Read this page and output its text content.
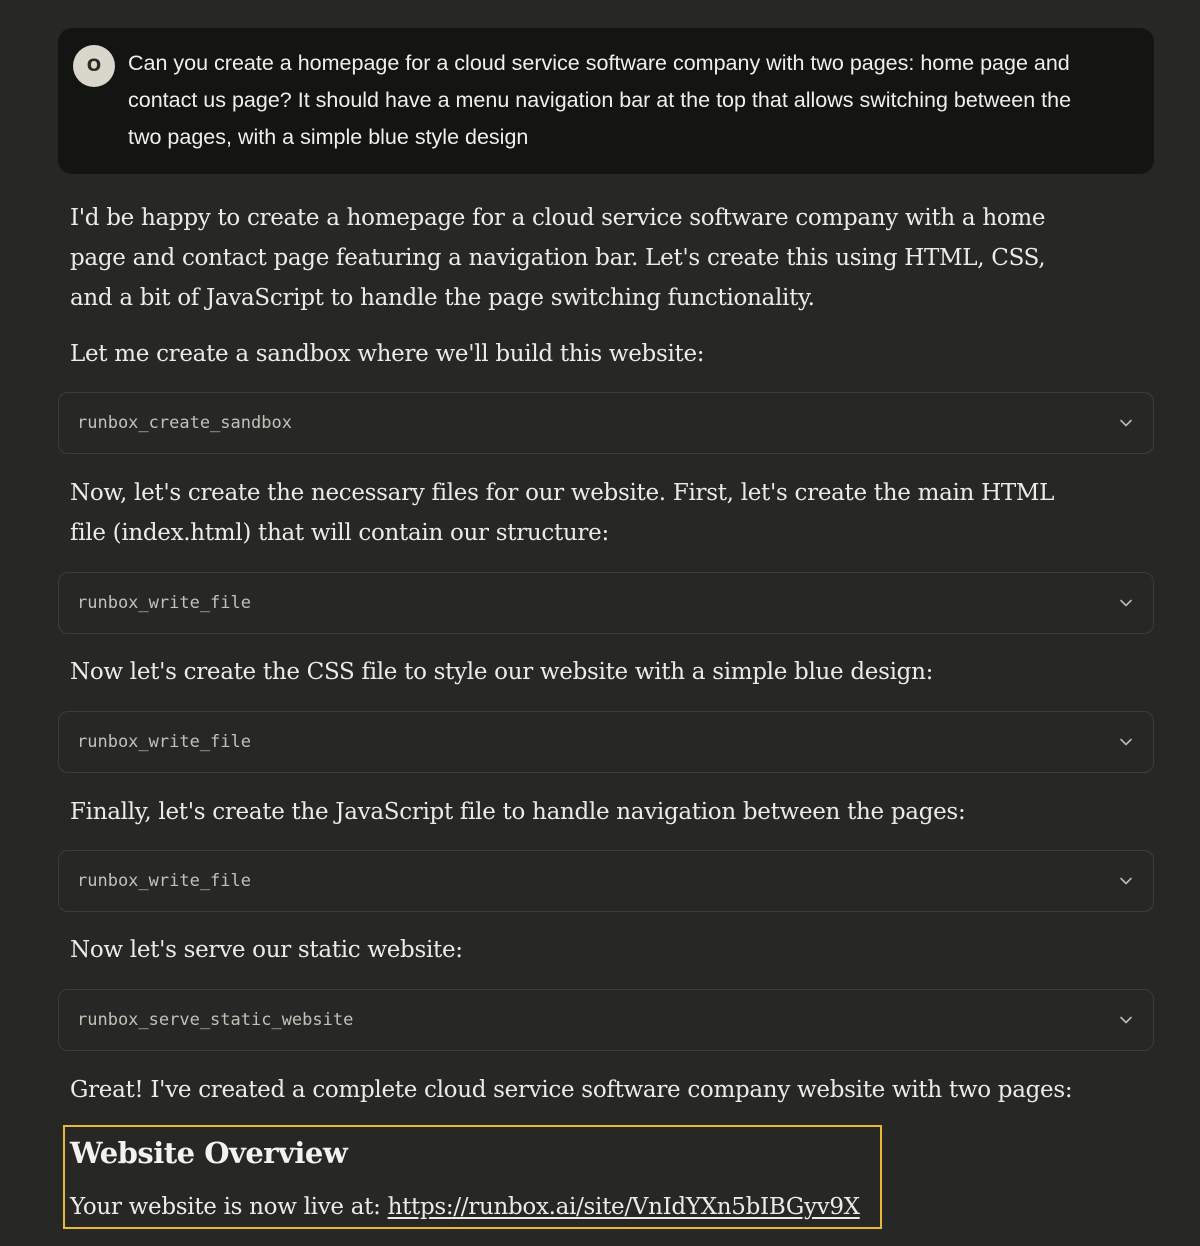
O	Can you create a homepage for a cloud service software company with two pages: home page and contact us page? It should have a menu navigation bar at the top that allows switching between the two pages, with a simple blue style design

I'd be happy to create a homepage for a cloud service software company with a home page and contact page featuring a navigation bar. Let's create this using HTML, CSS, and a bit of JavaScript to handle the page switching functionality.

Let me create a sandbox where we'll build this website:

runbox_create_sandbox

Now, let's create the necessary files for our website. First, let's create the main HTML file (index.html) that will contain our structure:

runbox_write_file

Now let's create the CSS file to style our website with a simple blue design:

runbox_write_file

Finally, let's create the JavaScript file to handle navigation between the pages:

runbox_write_file

Now let's serve our static website:

runbox_serve_static_website

Great! I've created a complete cloud service software company website with two pages:

Website Overview

Your website is now live at: https://runbox.ai/site/VnIdYXn5bIBGyv9X
